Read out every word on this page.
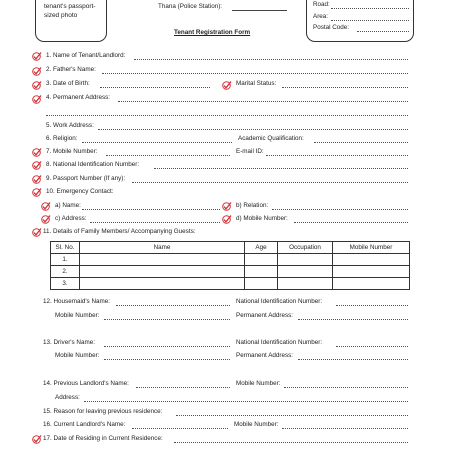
tenant's passport-sized photo
Thana (Police Station):	Road:
Area:
Postal Code:
Tenant Registration Form
1. Name of Tenant/Landlord:
2. Father's Name:
3. Date of Birth:	Marital Status:
4. Permanent Address:
5. Work Address:
6. Religion:	Academic Qualification:
7. Mobile Number:	E-mail ID:
8. National Identification Number:
9. Passport Number (If any):
10. Emergency Contact:
a) Name:	b) Relation:
c) Address:	d) Mobile Number:
11. Details of Family Members/ Accompanying Guests:
Sl. No.	Name	Age	Occupation	Mobile Number
1.				
2.				
3.				
12. Housemaid's Name:	National Identification Number:
Mobile Number:	Permanent Address:
13. Driver's Name:	National Identification Number:
Mobile Number:	Permanent Address:
14. Previous Landlord's Name:	Mobile Number:
Address:
15. Reason for leaving previous residence:
16. Current Landlord's Name:	Mobile Number:
17. Date of Residing in Current Residence:
